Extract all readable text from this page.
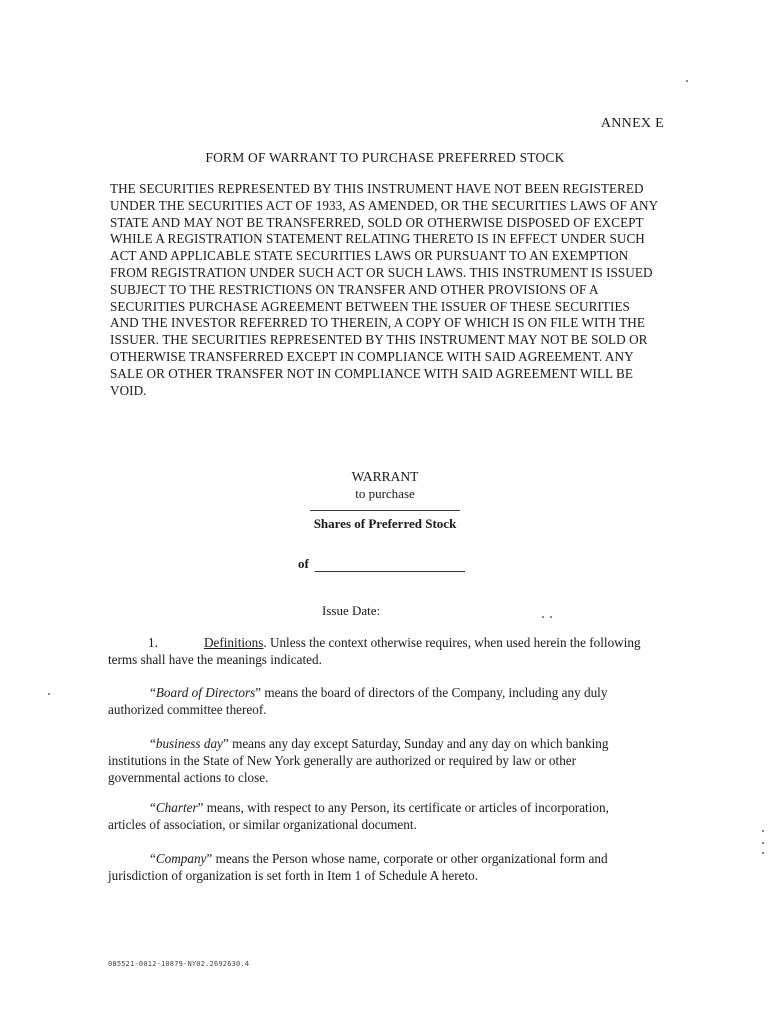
ANNEX E
FORM OF WARRANT TO PURCHASE PREFERRED STOCK
THE SECURITIES REPRESENTED BY THIS INSTRUMENT HAVE NOT BEEN REGISTERED UNDER THE SECURITIES ACT OF 1933, AS AMENDED, OR THE SECURITIES LAWS OF ANY STATE AND MAY NOT BE TRANSFERRED, SOLD OR OTHERWISE DISPOSED OF EXCEPT WHILE A REGISTRATION STATEMENT RELATING THERETO IS IN EFFECT UNDER SUCH ACT AND APPLICABLE STATE SECURITIES LAWS OR PURSUANT TO AN EXEMPTION FROM REGISTRATION UNDER SUCH ACT OR SUCH LAWS. THIS INSTRUMENT IS ISSUED SUBJECT TO THE RESTRICTIONS ON TRANSFER AND OTHER PROVISIONS OF A SECURITIES PURCHASE AGREEMENT BETWEEN THE ISSUER OF THESE SECURITIES AND THE INVESTOR REFERRED TO THEREIN, A COPY OF WHICH IS ON FILE WITH THE ISSUER. THE SECURITIES REPRESENTED BY THIS INSTRUMENT MAY NOT BE SOLD OR OTHERWISE TRANSFERRED EXCEPT IN COMPLIANCE WITH SAID AGREEMENT. ANY SALE OR OTHER TRANSFER NOT IN COMPLIANCE WITH SAID AGREEMENT WILL BE VOID.
WARRANT
to purchase
Shares of Preferred Stock
of
Issue Date:
1.	Definitions. Unless the context otherwise requires, when used herein the following terms shall have the meanings indicated.
“Board of Directors” means the board of directors of the Company, including any duly authorized committee thereof.
“business day” means any day except Saturday, Sunday and any day on which banking institutions in the State of New York generally are authorized or required by law or other governmental actions to close.
“Charter” means, with respect to any Person, its certificate or articles of incorporation, articles of association, or similar organizational document.
“Company” means the Person whose name, corporate or other organizational form and jurisdiction of organization is set forth in Item 1 of Schedule A hereto.
085521-0012-10879-NY02.2692630.4
